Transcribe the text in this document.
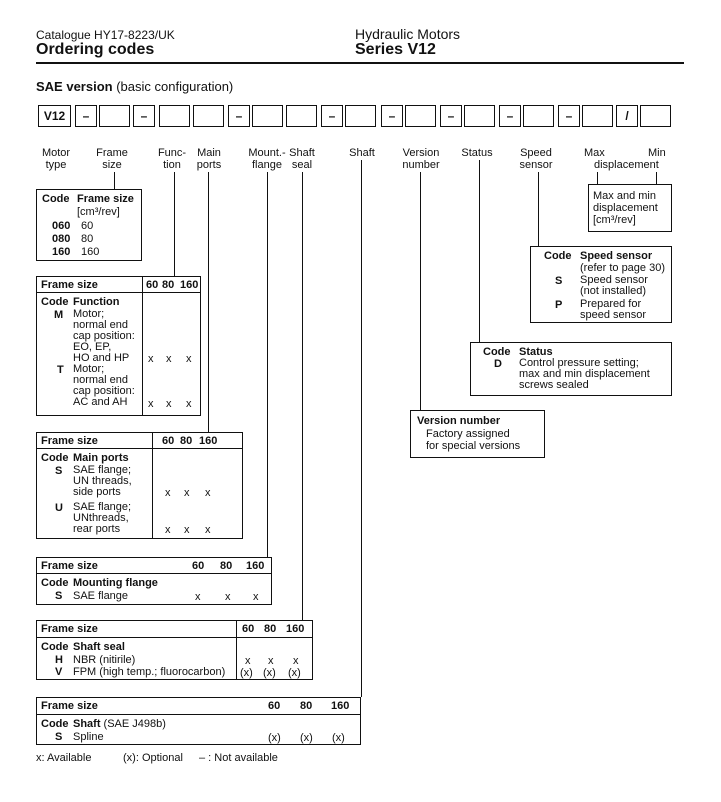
Catalogue HY17-8223/UK
Ordering codes
Hydraulic Motors
Series V12
SAE version (basic configuration)
V12	–	–	–	–	–	–	–	–	/
Motor
type
Frame
size
Func-
tion
Main
ports
Mount.-
flange
Shaft
seal
Shaft	Version
number
Status	Speed
sensor
Max	Min
displacement
Code Frame size
[cm³/rev]
060 60
080 80
160 160
Frame size	60 80 160
Code Function
M Motor;
normal end
cap position:
EO, EP,
HO and HP	x x x
T Motor;
normal end
cap position:
AC and AH	x x x
Frame size	60 80 160
Code Main ports
S SAE flange;
UN threads,
side ports	x x x
U SAE flange;
UNthreads,
rear ports	x x x
Frame size	60 80 160
Code Mounting flange
S SAE flange	x x x
Frame size	60 80 160
Code Shaft seal
H NBR (nitirile)	x x x
V FPM (high temp.; fluorocarbon) (x) (x) (x)
Frame size	60 80 160
Code Shaft (SAE J498b)
S Spline	(x) (x) (x)
x: Available	(x): Optional – : Not available
Max and min
displacement
[cm³/rev]
Code Speed sensor
(refer to page 30)
S Speed sensor
(not installed)
P Prepared for
speed sensor
Code Status
D Control pressure setting;
max and min displacement
screws sealed
Version number
Factory assigned
for special versions
